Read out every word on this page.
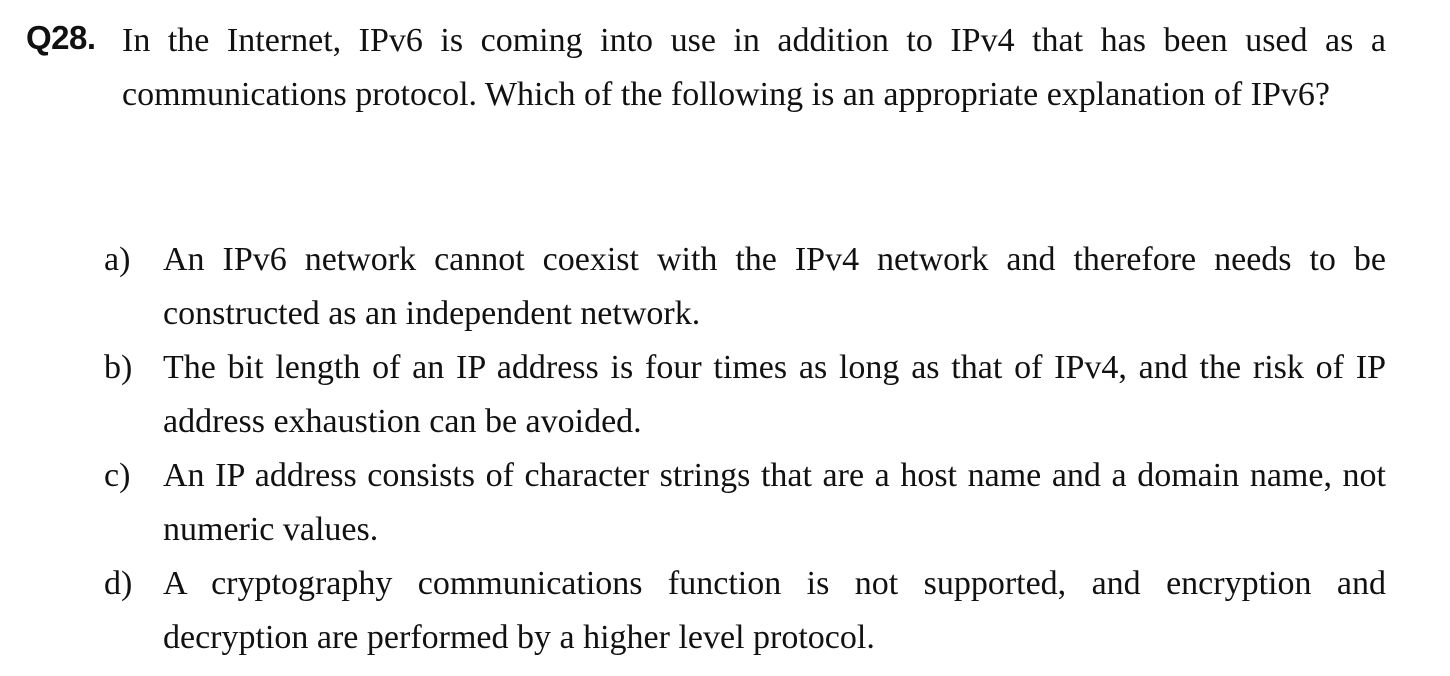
Q28. In the Internet, IPv6 is coming into use in addition to IPv4 that has been used as a communications protocol. Which of the following is an appropriate explanation of IPv6?
a) An IPv6 network cannot coexist with the IPv4 network and therefore needs to be constructed as an independent network.
b) The bit length of an IP address is four times as long as that of IPv4, and the risk of IP address exhaustion can be avoided.
c) An IP address consists of character strings that are a host name and a domain name, not numeric values.
d) A cryptography communications function is not supported, and encryption and decryption are performed by a higher level protocol.
